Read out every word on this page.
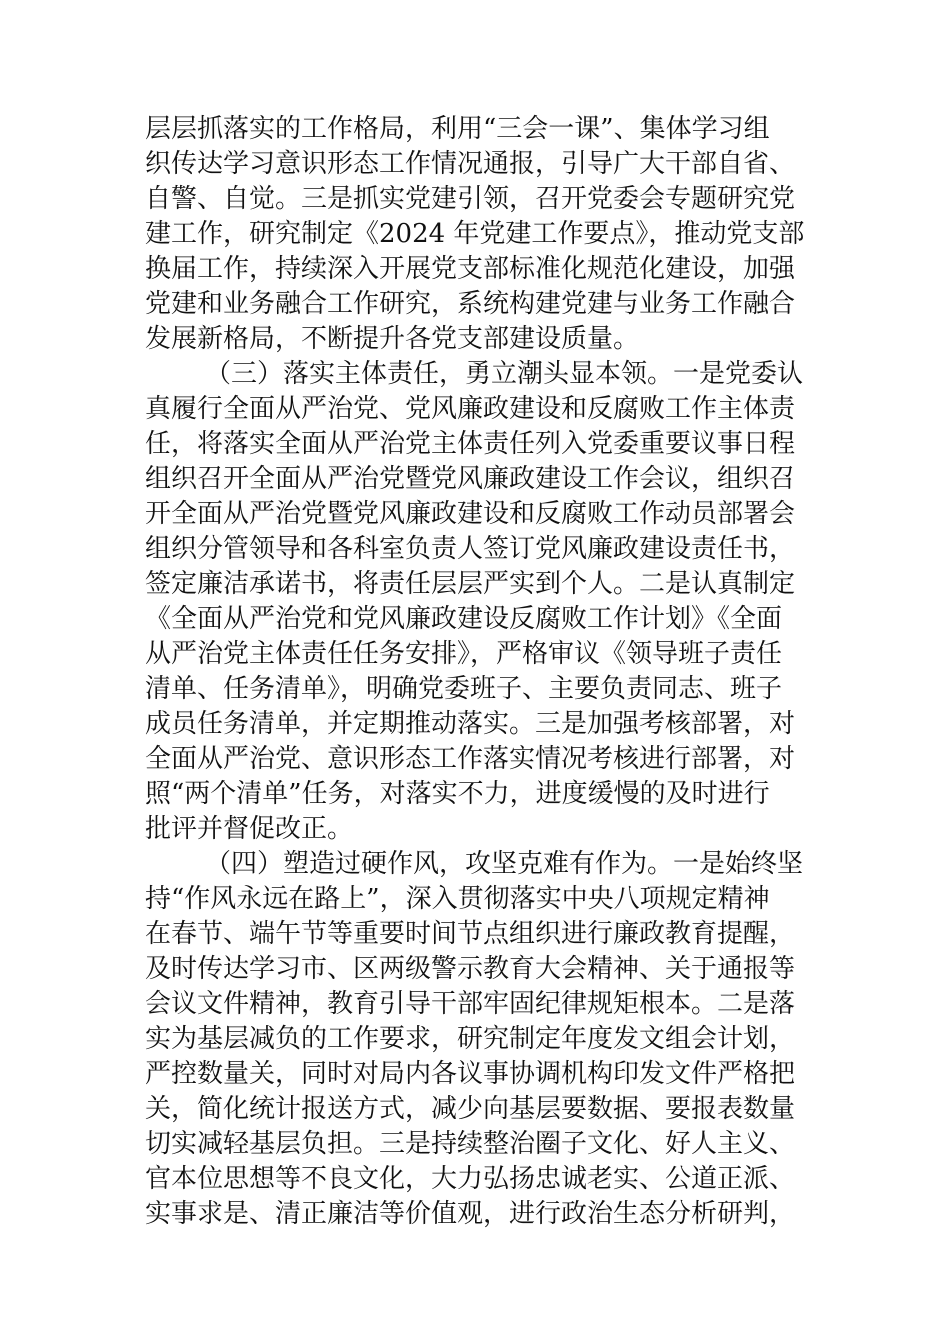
层层抓落实的工作格局，利用“三会一课”、集体学习组
织传达学习意识形态工作情况通报，引导广大干部自省、
自警、自觉。三是抓实党建引领，召开党委会专题研究党
建工作，研究制定《2024 年党建工作要点》，推动党支部
换届工作，持续深入开展党支部标准化规范化建设，加强
党建和业务融合工作研究，系统构建党建与业务工作融合
发展新格局，不断提升各党支部建设质量。
（三）落实主体责任，勇立潮头显本领。一是党委认
真履行全面从严治党、党风廉政建设和反腐败工作主体责
任，将落实全面从严治党主体责任列入党委重要议事日程
组织召开全面从严治党暨党风廉政建设工作会议，组织召
开全面从严治党暨党风廉政建设和反腐败工作动员部署会
组织分管领导和各科室负责人签订党风廉政建设责任书，
签定廉洁承诺书，将责任层层严实到个人。二是认真制定
《全面从严治党和党风廉政建设反腐败工作计划》《全面
从严治党主体责任任务安排》，严格审议《领导班子责任
清单、任务清单》，明确党委班子、主要负责同志、班子
成员任务清单，并定期推动落实。三是加强考核部署，对
全面从严治党、意识形态工作落实情况考核进行部署，对
照“两个清单”任务，对落实不力，进度缓慢的及时进行
批评并督促改正。
（四）塑造过硬作风，攻坚克难有作为。一是始终坚
持“作风永远在路上”，深入贯彻落实中央八项规定精神
在春节、端午节等重要时间节点组织进行廉政教育提醒，
及时传达学习市、区两级警示教育大会精神、关于通报等
会议文件精神，教育引导干部牢固纪律规矩根本。二是落
实为基层减负的工作要求，研究制定年度发文组会计划，
严控数量关，同时对局内各议事协调机构印发文件严格把
关，简化统计报送方式，减少向基层要数据、要报表数量
切实减轻基层负担。三是持续整治圈子文化、好人主义、
官本位思想等不良文化，大力弘扬忠诚老实、公道正派、
实事求是、清正廉洁等价值观，进行政治生态分析研判，
